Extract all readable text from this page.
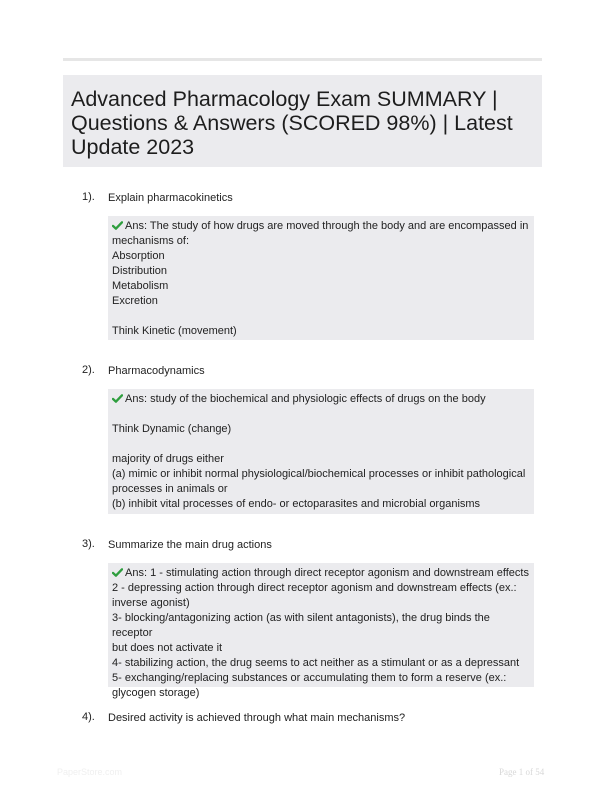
Advanced Pharmacology Exam SUMMARY | Questions & Answers (SCORED 98%) | Latest Update 2023
1). Explain pharmacokinetics
Ans: The study of how drugs are moved through the body and are encompassed in
mechanisms of:
Absorption
Distribution
Metabolism
Excretion
Think Kinetic (movement)
2). Pharmacodynamics
Ans: study of the biochemical and physiologic effects of drugs on the body
Think Dynamic (change)
majority of drugs either
(a) mimic or inhibit normal physiological/biochemical processes or inhibit pathological
processes in animals or
(b) inhibit vital processes of endo- or ectoparasites and microbial organisms
3). Summarize the main drug actions
Ans: 1 - stimulating action through direct receptor agonism and downstream effects
2 - depressing action through direct receptor agonism and downstream effects (ex.:
inverse agonist)
3- blocking/antagonizing action (as with silent antagonists), the drug binds the receptor
but does not activate it
4- stabilizing action, the drug seems to act neither as a stimulant or as a depressant
5- exchanging/replacing substances or accumulating them to form a reserve (ex.:
glycogen storage)
4). Desired activity is achieved through what main mechanisms?
PaperStore.com	Page 1 of 54
